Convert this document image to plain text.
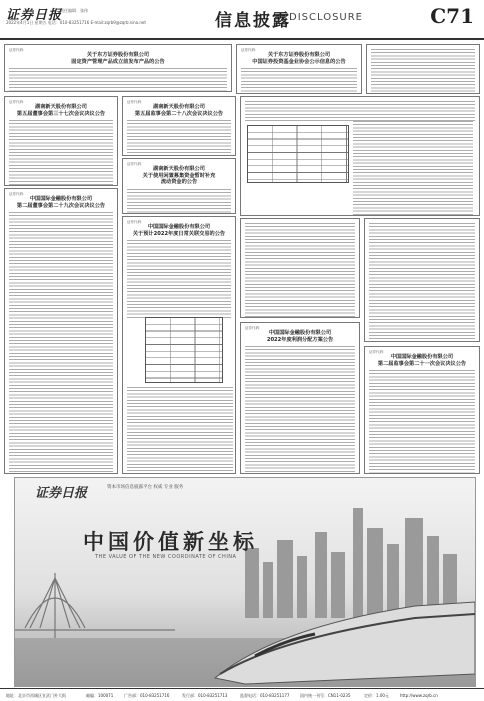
证券日报
责任编辑：张伟
2022年4月1日 星期五 电话：010-83251716 E-mail:zqrb9@zqrb.sina.net	信息披露
DISCLOSURE	C71
证券代码：
关于东方证券股份有限公司
固定资产管理产品成立前发布产品的公告
证券代码：
关于东方证券股份有限公司
中国证券投资基金业协会公示信息的公告
证券代码：
湖南新天股份有限公司
第五届董事会第三十七次会议决议公告
证券代码：
湖南新天股份有限公司
第五届监事会第二十八次会议决议公告
证券代码：
湖南新天股份有限公司
关于使用闲置募集资金暂时补充
流动资金的公告
证券代码：
中国国际金融股份有限公司
第二届董事会第二十九次会议决议公告
证券代码：
中国国际金融股份有限公司
关于预计2022年度日常关联交易的公告
证券代码：
中国国际金融股份有限公司
2022年度利润分配方案公告
证券代码：
中国国际金融股份有限公司
第二届监事会第二十一次会议决议公告
证券日报	资本市场信息披露平台 权威 专业 服务
中国价值新坐标
THE VALUE OF THE NEW COORDINATE OF CHINA
地址：北京市西城区宣武门外大街	邮编：100071	广告部：010-83251716	发行部：010-83251713	监督电话：010-83251177	国内统一刊号：CN11-0235	定价：1.00元	http://www.zqrb.cn
